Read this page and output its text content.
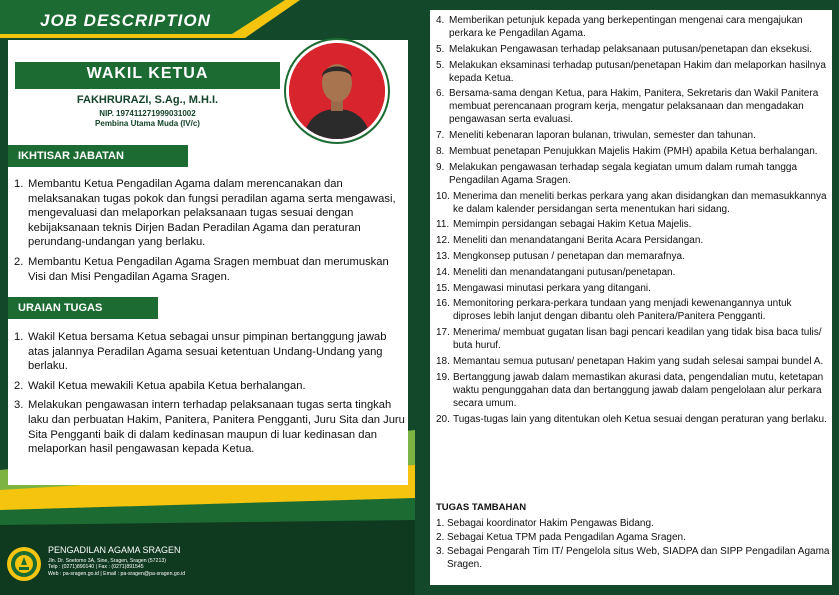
JOB DESCRIPTION
WAKIL KETUA
FAKHRURAZI, S.Ag., M.H.I.
NIP. 197411271999031002
Pembina Utama Muda (IV/c)
IKHTISAR JABATAN
1. Membantu Ketua Pengadilan Agama dalam merencanakan dan melaksanakan tugas pokok dan fungsi peradilan agama serta mengawasi, mengevaluasi dan melaporkan pelaksanaan tugas sesuai dengan kebijaksanaan teknis Dirjen Badan Peradilan Agama dan peraturan perundang-undangan yang berlaku.
2. Membantu Ketua Pengadilan Agama Sragen membuat dan merumuskan Visi dan Misi Pengadilan Agama Sragen.
URAIAN TUGAS
1. Wakil Ketua bersama Ketua sebagai unsur pimpinan bertanggung jawab atas jalannya Peradilan Agama sesuai ketentuan Undang-Undang yang berlaku.
2. Wakil Ketua mewakili Ketua apabila Ketua berhalangan.
3. Melakukan pengawasan intern terhadap pelaksanaan tugas serta tingkah laku dan perbuatan Hakim, Panitera, Panitera Pengganti, Juru Sita dan Juru Sita Pengganti baik di dalam kedinasan maupun di luar kedinasan dan melaporkan hasil pengawasan kepada Ketua.
PENGADILAN AGAMA SRAGEN
Jln. Dr. Soetomo 3A, Sine, Sragen, Sragen (57213)
Telp : (0271)890140 | Fax : (0271)891545
Web : pa-sragen.go.id | Email : pa-sragen@pa-sragen.go.id
4. Memberikan petunjuk kepada yang berkepentingan mengenai cara mengajukan perkara ke Pengadilan Agama.
5. Melakukan Pengawasan terhadap pelaksanaan putusan/penetapan dan eksekusi.
5. Melakukan eksaminasi terhadap putusan/penetapan Hakim dan melaporkan hasilnya kepada Ketua.
6. Bersama-sama dengan Ketua, para Hakim, Panitera, Sekretaris dan Wakil Panitera membuat perencanaan program kerja, mengatur pelaksanaan dan mengadakan pengawasan serta evaluasi.
7. Meneliti kebenaran laporan bulanan, triwulan, semester dan tahunan.
8. Membuat penetapan Penujukkan Majelis Hakim (PMH) apabila Ketua berhalangan.
9. Melakukan pengawasan terhadap segala kegiatan umum dalam rumah tangga Pengadilan Agama Sragen.
10. Menerima dan meneliti berkas perkara yang akan disidangkan dan memasukkannya ke dalam kalender persidangan serta menentukan hari sidang.
11. Memimpin persidangan sebagai Hakim Ketua Majelis.
12. Meneliti dan menandatangani Berita Acara Persidangan.
13. Mengkonsep putusan / penetapan dan memarafnya.
14. Meneliti dan menandatangani putusan/penetapan.
15. Mengawasi minutasi perkara yang ditangani.
16. Memonitoring perkara-perkara tundaan yang menjadi kewenangannya untuk diproses lebih lanjut dengan dibantu oleh Panitera/Panitera Pengganti.
17. Menerima/ membuat gugatan lisan bagi pencari keadilan yang tidak bisa baca tulis/ buta huruf.
18. Memantau semua putusan/ penetapan Hakim yang sudah selesai sampai bundel A.
19. Bertanggung jawab dalam memastikan akurasi data, pengendalian mutu, ketetapan waktu pengunggahan data dan bertanggung jawab dalam pengelolaan alur perkara secara umum.
20. Tugas-tugas lain yang ditentukan oleh Ketua sesuai dengan peraturan yang berlaku.
TUGAS TAMBAHAN
1. Sebagai koordinator Hakim Pengawas Bidang.
2. Sebagai Ketua TPM pada Pengadilan Agama Sragen.
3. Sebagai Pengarah Tim IT/ Pengelola situs Web, SIADPA dan SIPP Pengadilan Agama Sragen.
